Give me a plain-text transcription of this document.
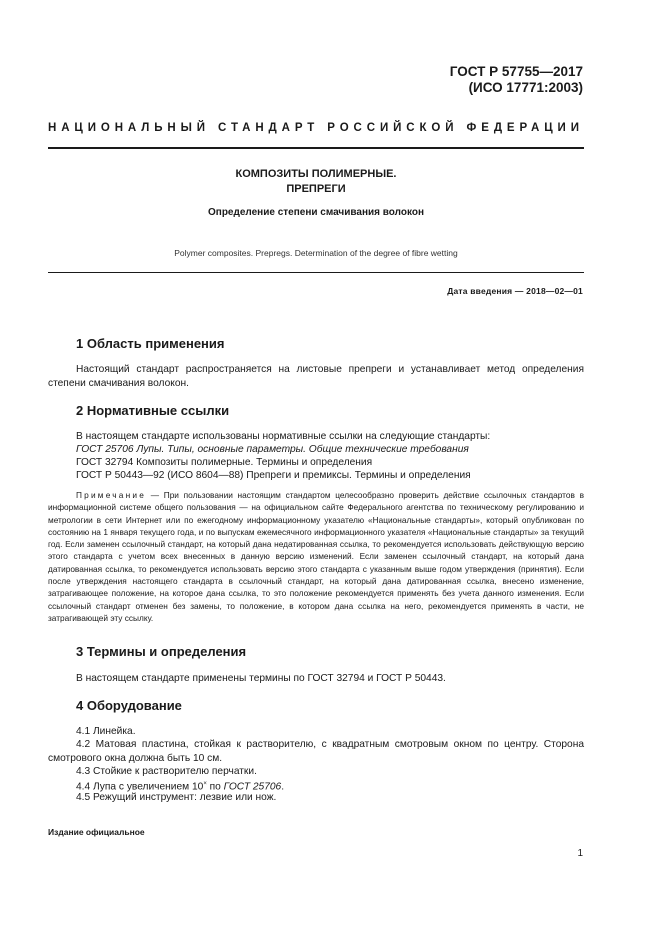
ГОСТ Р 57755—2017
(ИСО 17771:2003)
НАЦИОНАЛЬНЫЙ СТАНДАРТ РОССИЙСКОЙ ФЕДЕРАЦИИ
КОМПОЗИТЫ ПОЛИМЕРНЫЕ.
ПРЕПРЕГИ
Определение степени смачивания волокон
Polymer composites. Prepregs. Determination of the degree of fibre wetting
Дата введения — 2018—02—01
1 Область применения
Настоящий стандарт распространяется на листовые препреги и устанавливает метод определения степени смачивания волокон.
2 Нормативные ссылки
В настоящем стандарте использованы нормативные ссылки на следующие стандарты:
ГОСТ 25706 Лупы. Типы, основные параметры. Общие технические требования
ГОСТ 32794 Композиты полимерные. Термины и определения
ГОСТ Р 50443—92 (ИСО 8604—88) Препреги и премиксы. Термины и определения
Примечание — При пользовании настоящим стандартом целесообразно проверить действие ссылочных стандартов в информационной системе общего пользования — на официальном сайте Федерального агентства по техническому регулированию и метрологии в сети Интернет или по ежегодному информационному указателю «Национальные стандарты», который опубликован по состоянию на 1 января текущего года, и по выпускам ежемесячного информационного указателя «Национальные стандарты» за текущий год. Если заменен ссылочный стандарт, на который дана недатированная ссылка, то рекомендуется использовать действующую версию этого стандарта с учетом всех внесенных в данную версию изменений. Если заменен ссылочный стандарт, на который дана датированная ссылка, то рекомендуется использовать версию этого стандарта с указанным выше годом утверждения (принятия). Если после утверждения настоящего стандарта в ссылочный стандарт, на который дана датированная ссылка, внесено изменение, затрагивающее положение, на которое дана ссылка, то это положение рекомендуется применять без учета данного изменения. Если ссылочный стандарт отменен без замены, то положение, в котором дана ссылка на него, рекомендуется применять в части, не затрагивающей эту ссылку.
3 Термины и определения
В настоящем стандарте применены термины по ГОСТ 32794 и ГОСТ Р 50443.
4 Оборудование
4.1 Линейка.
4.2 Матовая пластина, стойкая к растворителю, с квадратным смотровым окном по центру. Сторона смотрового окна должна быть 10 см.
4.3 Стойкие к растворителю перчатки.
4.4 Лупа с увеличением 10× по ГОСТ 25706.
4.5 Режущий инструмент: лезвие или нож.
Издание официальное
1
